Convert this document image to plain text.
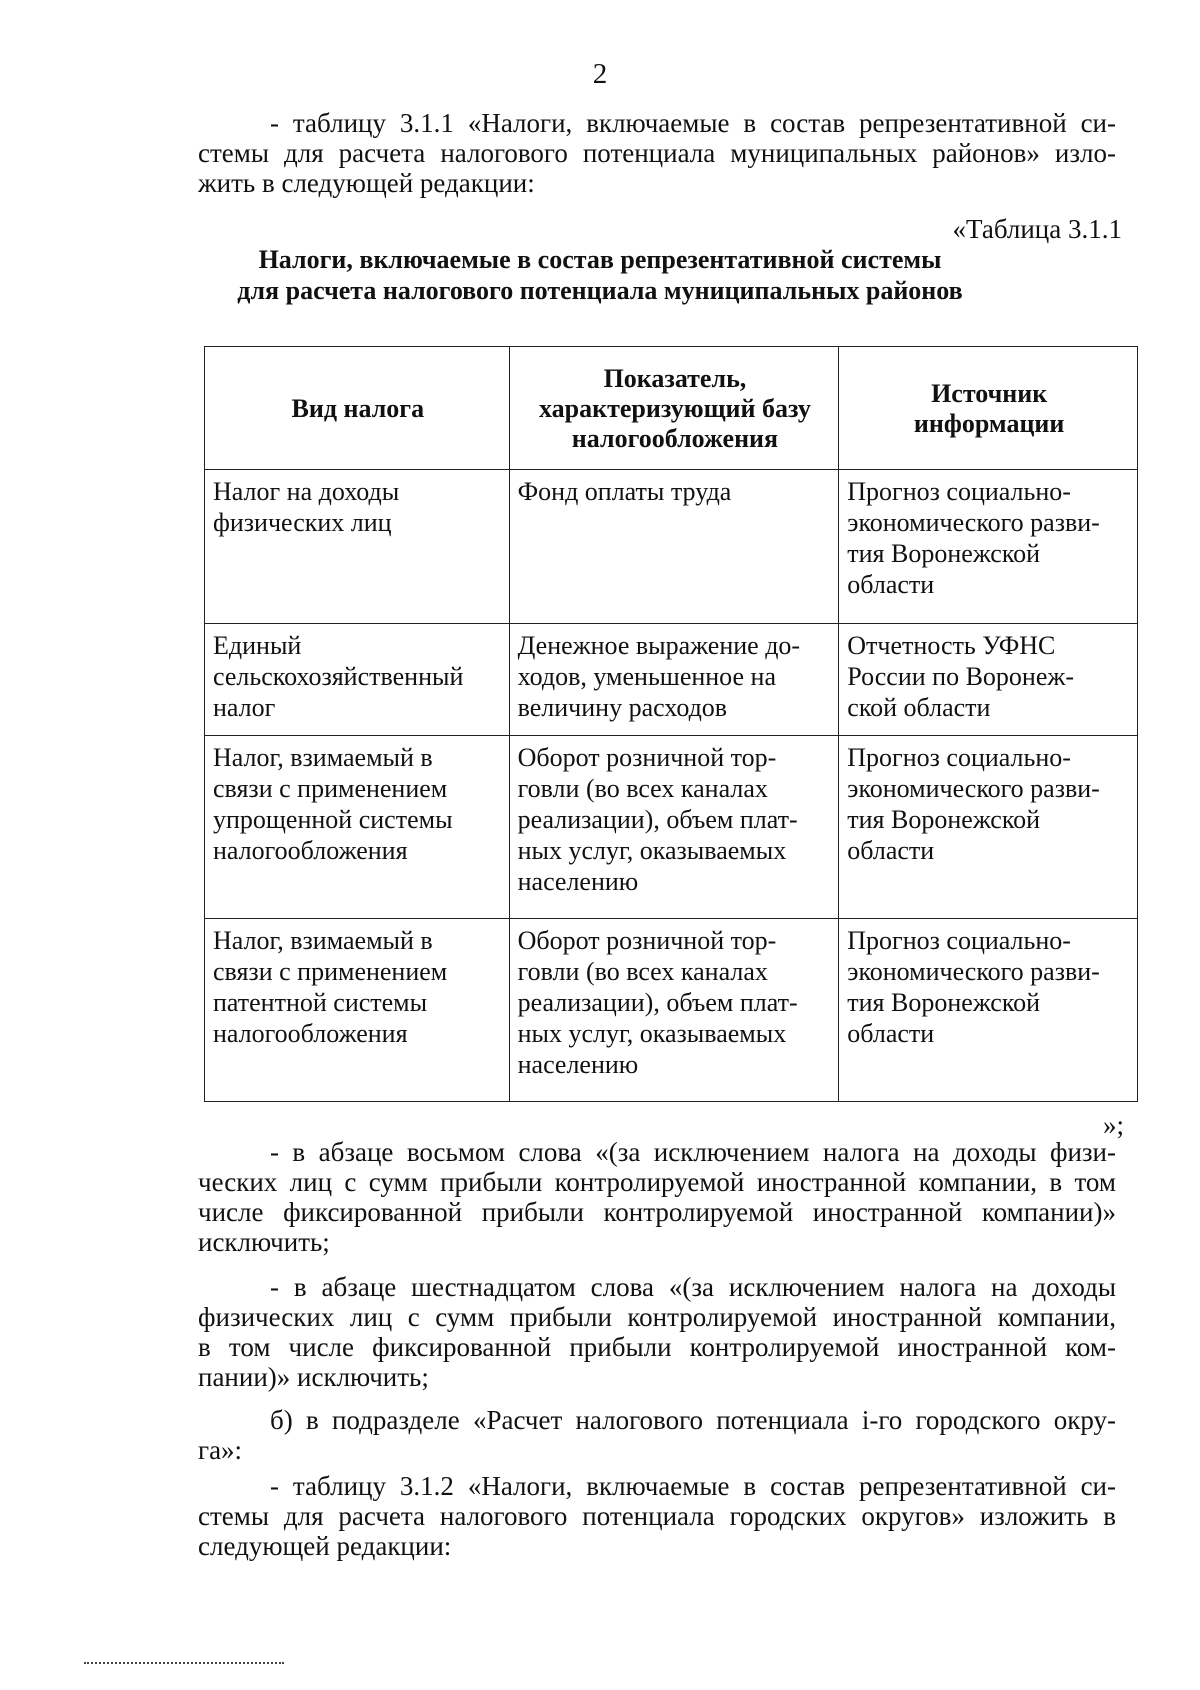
2
- таблицу 3.1.1 «Налоги, включаемые в состав репрезентативной си-
стемы для расчета налогового потенциала муниципальных районов» изло-
жить в следующей редакции:
«Таблица 3.1.1
Налоги, включаемые в состав репрезентативной системы
для расчета налогового потенциала муниципальных районов
Вид налога	Показатель,
характеризующий базу
налогообложения	Источник
информации

Налог на доходы
физических лиц	Фонд оплаты труда	Прогноз социально-
экономического разви-
тия Воронежской
области

Единый
сельскохозяйственный
налог	Денежное выражение до-
ходов, уменьшенное на
величину расходов	Отчетность УФНС
России по Воронеж-
ской области

Налог, взимаемый в
связи с применением
упрощенной системы
налогообложения	Оборот розничной тор-
говли (во всех каналах
реализации), объем плат-
ных услуг, оказываемых
населению	Прогноз социально-
экономического разви-
тия Воронежской
области

Налог, взимаемый в
связи с применением
патентной системы
налогообложения	Оборот розничной тор-
говли (во всех каналах
реализации), объем плат-
ных услуг, оказываемых
населению	Прогноз социально-
экономического разви-
тия Воронежской
области
»;
- в абзаце восьмом слова «(за исключением налога на доходы физи-
ческих лиц с сумм прибыли контролируемой иностранной компании, в том
числе фиксированной прибыли контролируемой иностранной компании)»
исключить;
- в абзаце шестнадцатом слова «(за исключением налога на доходы
физических лиц с сумм прибыли контролируемой иностранной компании,
в том числе фиксированной прибыли контролируемой иностранной ком-
пании)» исключить;
б) в подразделе «Расчет налогового потенциала i-го городского окру-
га»:
- таблицу 3.1.2 «Налоги, включаемые в состав репрезентативной си-
стемы для расчета налогового потенциала городских округов» изложить в
следующей редакции:
